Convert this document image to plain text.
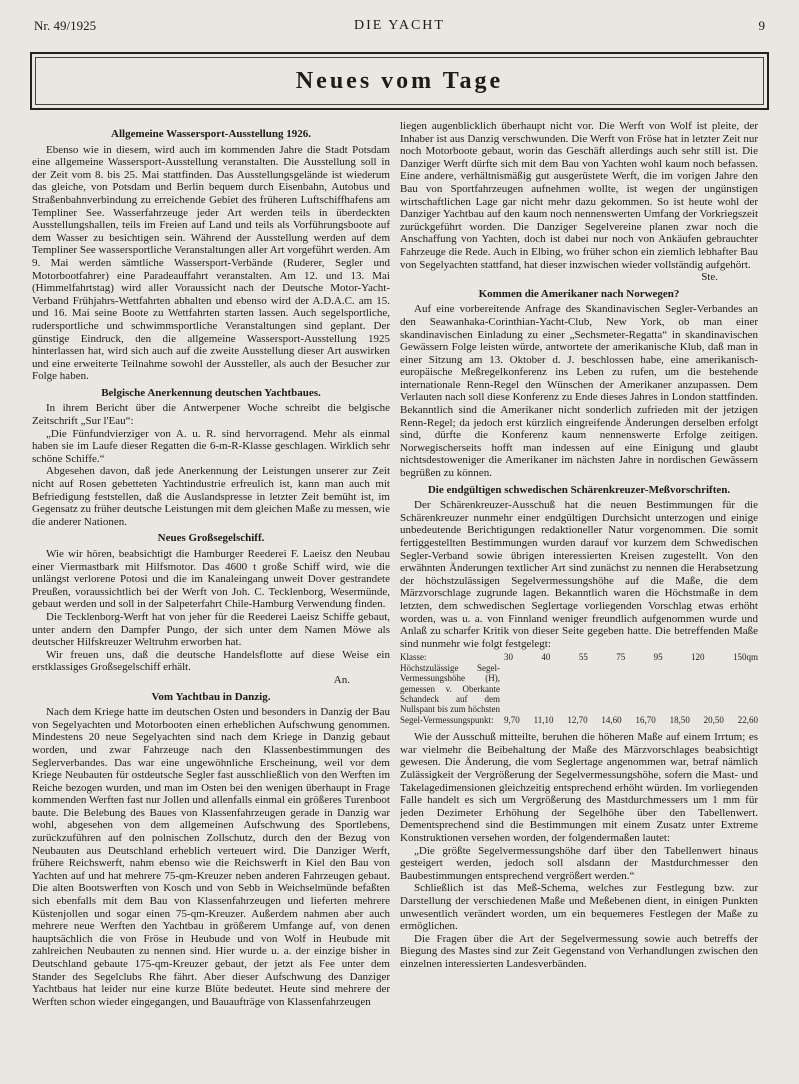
Nr. 49/1925	DIE YACHT	9
Neues vom Tage
Allgemeine Wassersport-Ausstellung 1926.

Ebenso wie in diesem, wird auch im kommenden Jahre die Stadt Potsdam eine allgemeine Wassersport-Ausstellung veranstalten. Die Ausstellung soll in der Zeit vom 8. bis 25. Mai stattfinden. Das Ausstellungsgelände ist wiederum das gleiche, von Potsdam und Berlin bequem durch Eisenbahn, Autobus und Straßenbahnverbindung zu erreichende Gebiet des früheren Luftschiffhafens am Templiner See. Wasserfahrzeuge jeder Art werden teils in überdeckten Ausstellungshallen, teils im Freien auf Land und teils als Vorführungsboote auf dem Wasser zu besichtigen sein. Während der Ausstellung werden auf dem Templiner See wassersportliche Veranstaltungen aller Art vorgeführt werden. Am 9. Mai werden sämtliche Wassersport-Verbände (Ruderer, Segler und Motorbootfahrer) eine Paradeauffahrt veranstalten. Am 12. und 13. Mai (Himmelfahrtstag) wird aller Voraussicht nach der Deutsche Motor-Yacht-Verband Frühjahrs-Wettfahrten abhalten und ebenso wird der A.D.A.C. am 15. und 16. Mai seine Boote zu Wettfahrten starten lassen. Auch segelsportliche, rudersportliche und schwimmsportliche Veranstaltungen sind geplant. Der günstige Eindruck, den die allgemeine Wassersport-Ausstellung 1925 hinterlassen hat, wird sich auch auf die zweite Ausstellung dieser Art auswirken und eine erweiterte Teilnahme sowohl der Aussteller, als auch der Besucher zur Folge haben.

Belgische Anerkennung deutschen Yachtbaues.

In ihrem Bericht über die Antwerpener Woche schreibt die belgische Zeitschrift „Sur l'Eau“:

„Die Fünfundvierziger von A. u. R. sind hervorragend. Mehr als einmal haben sie im Laufe dieser Regatten die 6-m-R-Klasse geschlagen. Wirklich sehr schöne Schiffe.“

Abgesehen davon, daß jede Anerkennung der Leistungen unserer zur Zeit nicht auf Rosen gebetteten Yachtindustrie erfreulich ist, kann man auch mit Befriedigung feststellen, daß die Auslandspresse in letzter Zeit bemüht ist, im Gegensatz zu früher deutsche Leistungen mit dem gleichen Maße zu messen, wie die anderer Nationen.

Neues Großsegelschiff.

Wie wir hören, beabsichtigt die Hamburger Reederei F. Laeisz den Neubau einer Viermastbark mit Hilfsmotor. Das 4600 t große Schiff wird, wie die unlängst verlorene Potosi und die im Kanaleingang unweit Dover gestrandete Preußen, voraussichtlich bei der Werft von Joh. C. Tecklenborg, Wesermünde, gebaut werden und soll in der Salpeterfahrt Chile-Hamburg Verwendung finden.

Die Tecklenborg-Werft hat von jeher für die Reederei Laeisz Schiffe gebaut, unter andern den Dampfer Pungo, der sich unter dem Namen Möwe als deutscher Hilfskreuzer Weltruhm erworben hat.

Wir freuen uns, daß die deutsche Handelsflotte auf diese Weise ein erstklassiges Großsegelschiff erhält.

An.
Vom Yachtbau in Danzig.

Nach dem Kriege hatte im deutschen Osten und besonders in Danzig der Bau von Segelyachten und Motorbooten einen erheblichen Aufschwung genommen. Mindestens 20 neue Segelyachten sind nach dem Kriege in Danzig gebaut worden, und zwar Fahrzeuge nach den Klassenbestimmungen des Seglerverbandes. Das war eine ungewöhnliche Erscheinung, weil vor dem Kriege Neubauten für ostdeutsche Segler fast ausschließlich von den Werften im Reiche bezogen wurden, und man im Osten bei den wenigen überhaupt in Frage kommenden Werften fast nur Jollen und allenfalls einmal ein größeres Turenboot baute. Die Belebung des Baues von Klassenfahrzeugen gerade in Danzig war wohl, abgesehen von dem allgemeinen Aufschwung des Sportlebens, zurückzuführen auf den polnischen Zollschutz, durch den der Bezug von Neubauten aus Deutschland erheblich verteuert wird. Die Danziger Werft, frühere Reichswerft, nahm ebenso wie die Reichswerft in Kiel den Bau von Yachten auf und hat mehrere 75-qm-Kreuzer neben anderen Fahrzeugen gebaut. Die alten Bootswerften von Kosch und von Sebb in Weichselmünde befaßten sich ebenfalls mit dem Bau von Klassenfahrzeugen und lieferten mehrere Küstenjollen und sogar einen 75-qm-Kreuzer. Außerdem nahmen aber auch mehrere neue Werften den Yachtbau in größerem Umfange auf, von denen hauptsächlich die von Fröse in Heubude und von Wolf in Heubude mit zahlreichen Neubauten zu nennen sind. Hier wurde u. a. der einzige bisher in Deutschland gebaute 175-qm-Kreuzer gebaut, der jetzt als Fee unter dem Stander des Segelclubs Rhe fährt. Aber dieser Aufschwung des Danziger Yachtbaus hat leider nur eine kurze Blüte bedeutet. Heute sind mehrere der Werften schon wieder eingegangen, und Bauaufträge von Klassenfahrzeugen

liegen augenblicklich überhaupt nicht vor. Die Werft von Wolf ist pleite, der Inhaber ist aus Danzig verschwunden. Die Werft von Fröse hat in letzter Zeit nur noch Motorboote gebaut, worin das Geschäft allerdings auch sehr still ist. Die Danziger Werft dürfte sich mit dem Bau von Yachten wohl kaum noch befassen. Eine andere, verhältnismäßig gut ausgerüstete Werft, die im vorigen Jahre den Bau von Sportfahrzeugen aufnehmen wollte, ist wegen der ungünstigen wirtschaftlichen Lage gar nicht mehr dazu gekommen. So ist heute wohl der Danziger Yachtbau auf den kaum noch nennenswerten Umfang der Vorkriegszeit zurückgeführt worden. Die Danziger Segelvereine planen zwar noch die Anschaffung von Yachten, doch ist dabei nur noch von Ankäufen gebrauchter Fahrzeuge die Rede. Auch in Elbing, wo früher schon ein ziemlich lebhafter Bau von Segelyachten stattfand, hat dieser inzwischen wieder vollständig aufgehört.

Ste.
Kommen die Amerikaner nach Norwegen?

Auf eine vorbereitende Anfrage des Skandinavischen Segler-Verbandes an den Seawanhaka-Corinthian-Yacht-Club, New York, ob man einer skandinavischen Einladung zu einer „Sechsmeter-Regatta“ in skandinavischen Gewässern Folge leisten würde, antwortete der amerikanische Klub, daß man in einer Sitzung am 13. Oktober d. J. beschlossen habe, eine amerikanisch-europäische Meßregelkonferenz ins Leben zu rufen, um die bestehende internationale Renn-Regel den Wünschen der Amerikaner anzupassen. Dem Verlauten nach soll diese Konferenz zu Ende dieses Jahres in London stattfinden. Bekanntlich sind die Amerikaner nicht sonderlich zufrieden mit der jetzigen Renn-Regel; da jedoch erst kürzlich eingreifende Änderungen derselben erfolgt sind, dürfte die Konferenz kaum nennenswerte Erfolge zeitigen. Norwegischerseits hofft man indessen auf eine Einigung und glaubt nichtsdestoweniger die Amerikaner im nächsten Jahre in nordischen Gewässern begrüßen zu können.

Die endgültigen schwedischen Schärenkreuzer-Meßvorschriften.

Der Schärenkreuzer-Ausschuß hat die neuen Bestimmungen für die Schärenkreuzer nunmehr einer endgültigen Durchsicht unterzogen und einige unbedeutende Berichtigungen redaktioneller Natur vorgenommen. Die somit fertiggestellten Bestimmungen wurden darauf vor kurzem dem Schwedischen Segler-Verband sowie übrigen interessierten Kreisen zugestellt. Von den erwähnten Änderungen textlicher Art sind zunächst zu nennen die Herabsetzung der höchstzulässigen Segelvermessungshöhe auf die Maße, die dem Märzvorschlage zugrunde lagen. Bekanntlich waren die Höchstmaße in dem letzten, dem schwedischen Seglertage vorliegenden Vorschlag etwas erhöht worden, was u. a. von Finnland weniger freundlich aufgenommen wurde und Anlaß zu scharfer Kritik von dieser Seite gegeben hatte. Die betreffenden Maße sind nunmehr wie folgt festgelegt:

Klasse:	30	40	55	75	95	120	150qm
Höchstzulässige Segel-Vermessungshöhe (H), gemessen v. Oberkante Schandeck auf dem Nullspant bis zum höchsten Segel-Vermessungspunkt:	9,70 11,10 12,70 14,60 16,70 18,50 20,50 22,60

Wie der Ausschuß mitteilte, beruhen die höheren Maße auf einem Irrtum; es war vielmehr die Beibehaltung der Maße des Märzvorschlages beabsichtigt gewesen. Die Änderung, die vom Seglertage angenommen war, betraf nämlich Zulässigkeit der Vergrößerung der Segelvermessungshöhe, sofern die Mast- und Takelagedimensionen gleichzeitig entsprechend erhöht würden. Im vorliegenden Falle handelt es sich um Vergrößerung des Mastdurchmessers um 1 mm für jeden Dezimeter Erhöhung der Segelhöhe über den Tabellenwert. Dementsprechend sind die Bestimmungen mit einem Zusatz unter Extreme Konstruktionen versehen worden, der folgendermaßen lautet:

„Die größte Segelvermessungshöhe darf über den Tabellenwert hinaus gesteigert werden, jedoch soll alsdann der Mastdurchmesser den Baubestimmungen entsprechend vergrößert werden.“

Schließlich ist das Meß-Schema, welches zur Festlegung bzw. zur Darstellung der verschiedenen Maße und Meßebenen dient, in einigen Punkten unwesentlich verändert worden, um ein bequemeres Festlegen der Maße zu ermöglichen.

Die Fragen über die Art der Segelvermessung sowie auch betreffs der Biegung des Mastes sind zur Zeit Gegenstand von Verhandlungen zwischen den einzelnen interessierten Landesverbänden.
